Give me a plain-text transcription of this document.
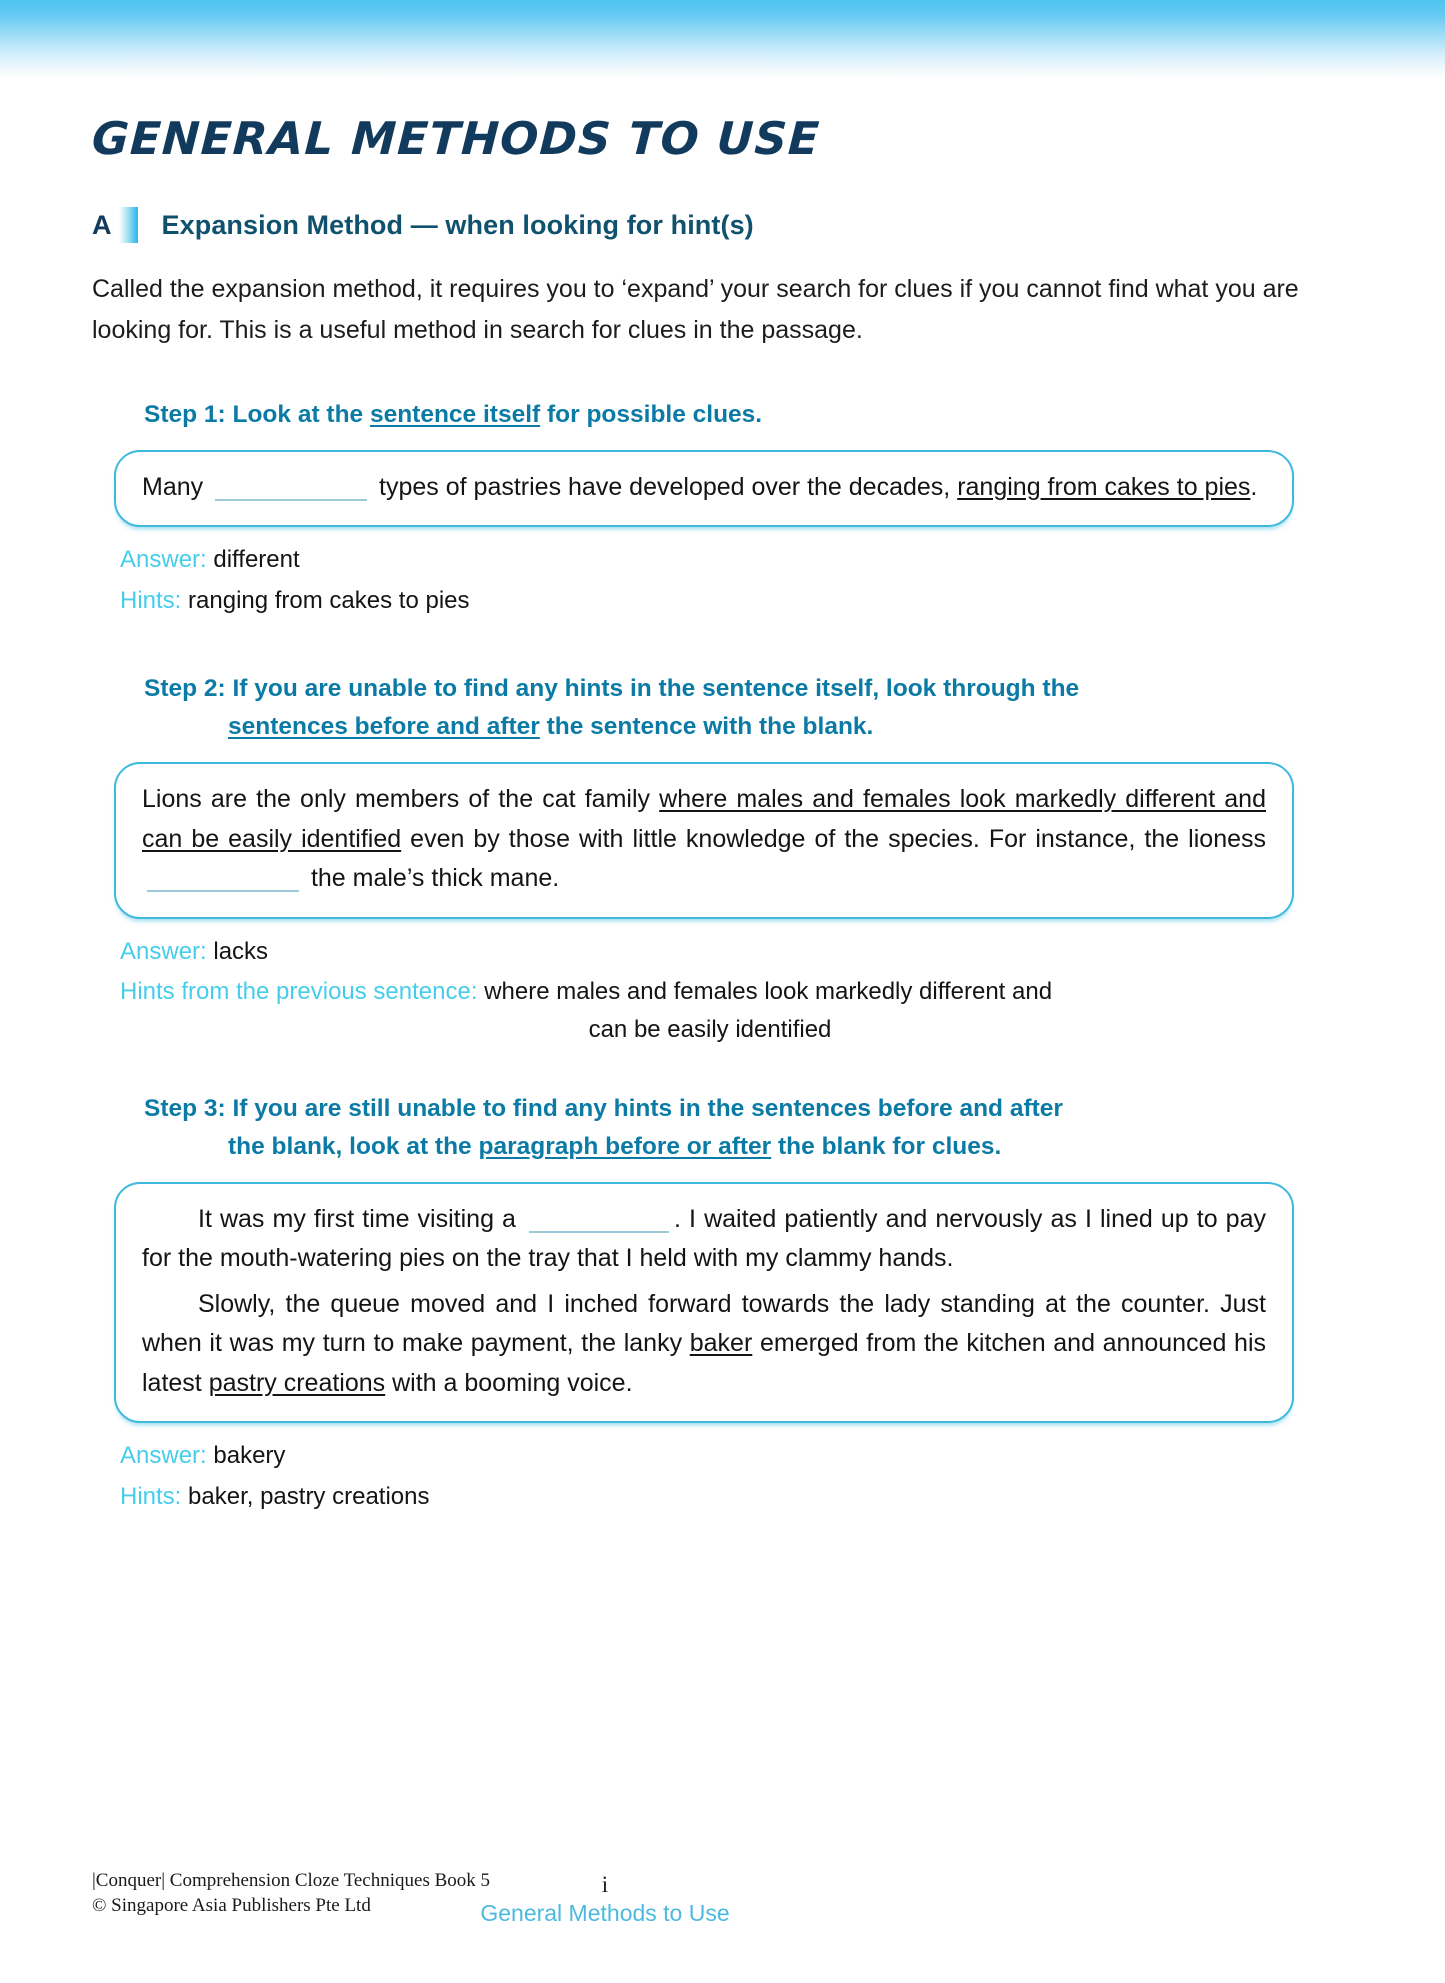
GENERAL METHODS TO USE
A Expansion Method — when looking for hint(s)

Called the expansion method, it requires you to ‘expand’ your search for clues if you cannot find what you are looking for. This is a useful method in search for clues in the passage.

Step 1: Look at the sentence itself for possible clues.

Many	types of pastries have developed over the decades, ranging from cakes to pies.

Answer: different

Hints: ranging from cakes to pies

Step 2: If you are unable to find any hints in the sentence itself, look through the
sentences before and after the sentence with the blank.

Lions are the only members of the cat family where males and females look markedly different and can be easily identified even by those with little knowledge of the species. For instance, the lioness  the male’s thick mane.

Answer: lacks

Hints from the previous sentence: where males and females look markedly different and

can be easily identified

Step 3: If you are still unable to find any hints in the sentences before and after
the blank, look at the paragraph before or after the blank for clues.

It was my first time visiting a	. I waited patiently and nervously as I lined up to pay for the mouth-watering pies on the tray that I held with my clammy hands.

Slowly, the queue moved and I inched forward towards the lady standing at the counter. Just when it was my turn to make payment, the lanky baker emerged from the kitchen and announced his latest pastry creations with a booming voice.

Answer: bakery

Hints: baker, pastry creations

|Conquer| Comprehension Cloze Techniques Book 5
© Singapore Asia Publishers Pte Ltd
i
General Methods to Use
